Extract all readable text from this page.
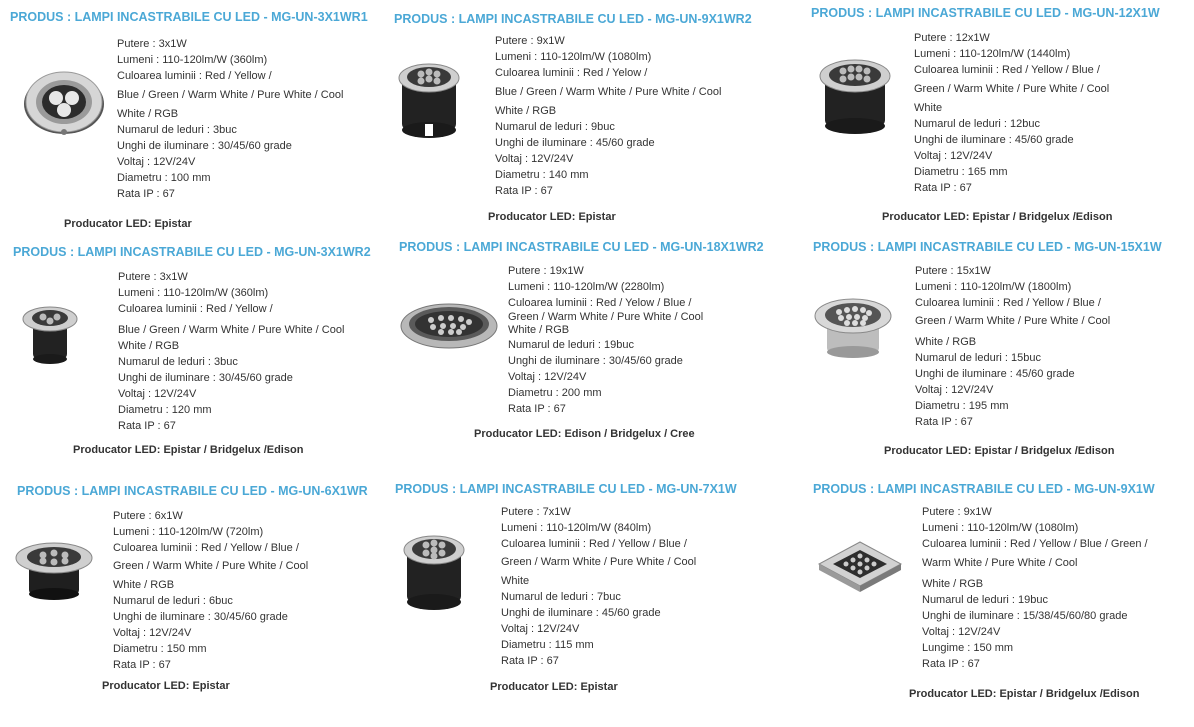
PRODUS : LAMPI INCASTRABILE CU LED - MG-UN-3X1WR1
Putere : 3x1W
Lumeni : 110-120lm/W (360lm)
Culoarea luminii : Red / Yellow /
Blue / Green / Warm White / Pure White / Cool
White / RGB
Numarul de leduri : 3buc
Unghi de iluminare : 30/45/60 grade
Voltaj : 12V/24V
Diametru : 100 mm
Rata IP : 67
Producator LED: Epistar
PRODUS : LAMPI INCASTRABILE CU LED - MG-UN-9X1WR2
Putere : 9x1W
Lumeni : 110-120lm/W (1080lm)
Culoarea luminii : Red / Yelow /
Blue / Green / Warm White / Pure White / Cool
White / RGB
Numarul de leduri : 9buc
Unghi de iluminare : 45/60 grade
Voltaj : 12V/24V
Diametru : 140 mm
Rata IP : 67
Producator LED: Epistar
PRODUS : LAMPI INCASTRABILE CU LED - MG-UN-12X1W
Putere : 12x1W
Lumeni : 110-120lm/W (1440lm)
Culoarea luminii : Red / Yellow / Blue /
Green / Warm White / Pure White / Cool
White
Numarul de leduri : 12buc
Unghi de iluminare : 45/60 grade
Voltaj : 12V/24V
Diametru : 165 mm
Rata IP : 67
Producator LED: Epistar / Bridgelux /Edison
PRODUS : LAMPI INCASTRABILE CU LED - MG-UN-3X1WR2
Putere : 3x1W
Lumeni : 110-120lm/W (360lm)
Culoarea luminii : Red / Yellow /
Blue / Green / Warm White / Pure White / Cool
White / RGB
Numarul de leduri : 3buc
Unghi de iluminare : 30/45/60 grade
Voltaj : 12V/24V
Diametru : 120 mm
Rata IP : 67
Producator LED: Epistar / Bridgelux /Edison
PRODUS : LAMPI INCASTRABILE CU LED - MG-UN-18X1WR2
Putere : 19x1W
Lumeni : 110-120lm/W (2280lm)
Culoarea luminii : Red / Yelow / Blue /
Green / Warm White / Pure White / Cool
White / RGB
Numarul de leduri : 19buc
Unghi de iluminare : 30/45/60 grade
Voltaj : 12V/24V
Diametru : 200 mm
Rata IP : 67
Producator LED: Edison / Bridgelux / Cree
PRODUS : LAMPI INCASTRABILE CU LED - MG-UN-15X1W
Putere : 15x1W
Lumeni : 110-120lm/W (1800lm)
Culoarea luminii : Red / Yellow / Blue /
Green / Warm White / Pure White / Cool
White / RGB
Numarul de leduri : 15buc
Unghi de iluminare : 45/60 grade
Voltaj : 12V/24V
Diametru : 195 mm
Rata IP : 67
Producator LED: Epistar / Bridgelux /Edison
PRODUS : LAMPI INCASTRABILE CU LED - MG-UN-6X1WR
Putere : 6x1W
Lumeni : 110-120lm/W (720lm)
Culoarea luminii : Red / Yellow / Blue /
Green / Warm White / Pure White / Cool
White / RGB
Numarul de leduri : 6buc
Unghi de iluminare : 30/45/60 grade
Voltaj : 12V/24V
Diametru : 150 mm
Rata IP : 67
Producator LED: Epistar
PRODUS : LAMPI INCASTRABILE CU LED - MG-UN-7X1W
Putere : 7x1W
Lumeni : 110-120lm/W (840lm)
Culoarea luminii : Red / Yellow / Blue /
Green / Warm White / Pure White / Cool
White
Numarul de leduri : 7buc
Unghi de iluminare : 45/60 grade
Voltaj : 12V/24V
Diametru : 115 mm
Rata IP : 67
Producator LED: Epistar
PRODUS : LAMPI INCASTRABILE CU LED - MG-UN-9X1W
Putere : 9x1W
Lumeni : 110-120lm/W (1080lm)
Culoarea luminii : Red / Yellow / Blue / Green /
Warm White / Pure White / Cool
White / RGB
Numarul de leduri : 19buc
Unghi de iluminare : 15/38/45/60/80 grade
Voltaj : 12V/24V
Lungime : 150 mm
Rata IP : 67
Producator LED: Epistar / Bridgelux /Edison
